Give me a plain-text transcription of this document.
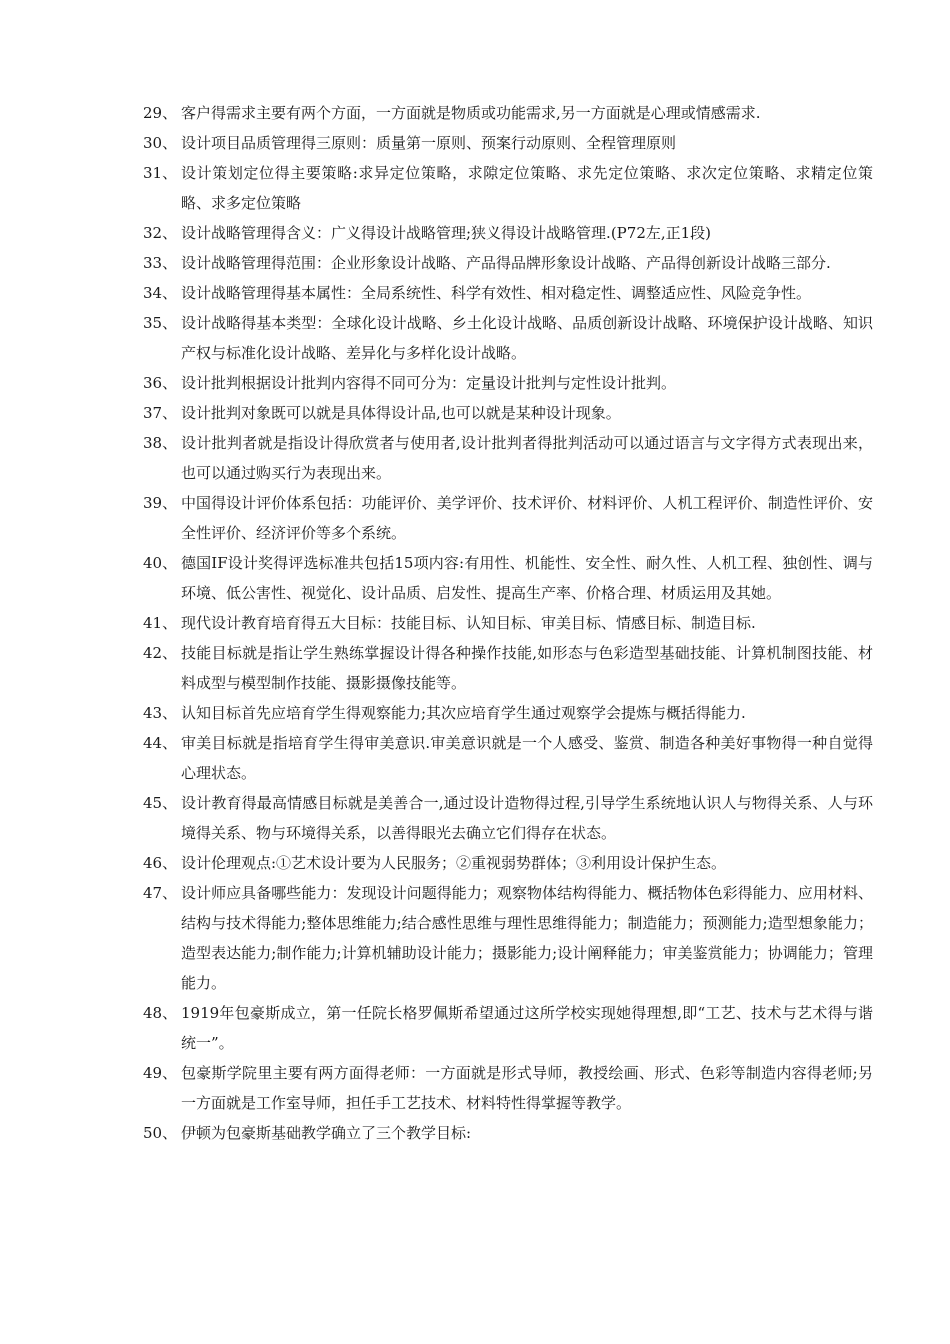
29、 客户得需求主要有两个方面，一方面就是物质或功能需求,另一方面就是心理或情感需求.
30、 设计项目品质管理得三原则：质量第一原则、预案行动原则、全程管理原则
31、 设计策划定位得主要策略:求异定位策略，求隙定位策略、求先定位策略、求次定位策略、求精定位策略、求多定位策略
32、 设计战略管理得含义：广义得设计战略管理;狭义得设计战略管理.(P72左,正1段)
33、 设计战略管理得范围：企业形象设计战略、产品得品牌形象设计战略、产品得创新设计战略三部分.
34、 设计战略管理得基本属性：全局系统性、科学有效性、相对稳定性、调整适应性、风险竞争性。
35、 设计战略得基本类型：全球化设计战略、乡土化设计战略、品质创新设计战略、环境保护设计战略、知识产权与标准化设计战略、差异化与多样化设计战略。
36、 设计批判根据设计批判内容得不同可分为：定量设计批判与定性设计批判。
37、 设计批判对象既可以就是具体得设计品,也可以就是某种设计现象。
38、 设计批判者就是指设计得欣赏者与使用者,设计批判者得批判活动可以通过语言与文字得方式表现出来，也可以通过购买行为表现出来。
39、 中国得设计评价体系包括：功能评价、美学评价、技术评价、材料评价、人机工程评价、制造性评价、安全性评价、经济评价等多个系统。
40、 德国IF设计奖得评选标准共包括15项内容:有用性、机能性、安全性、耐久性、人机工程、独创性、调与环境、低公害性、视觉化、设计品质、启发性、提高生产率、价格合理、材质运用及其她。
41、 现代设计教育培育得五大目标：技能目标、认知目标、审美目标、情感目标、制造目标.
42、 技能目标就是指让学生熟练掌握设计得各种操作技能,如形态与色彩造型基础技能、计算机制图技能、材料成型与模型制作技能、摄影摄像技能等。
43、 认知目标首先应培育学生得观察能力;其次应培育学生通过观察学会提炼与概括得能力.
44、 审美目标就是指培育学生得审美意识.审美意识就是一个人感受、鉴赏、制造各种美好事物得一种自觉得心理状态。
45、 设计教育得最高情感目标就是美善合一,通过设计造物得过程,引导学生系统地认识人与物得关系、人与环境得关系、物与环境得关系，以善得眼光去确立它们得存在状态。
46、 设计伦理观点:①艺术设计要为人民服务；②重视弱势群体；③利用设计保护生态。
47、 设计师应具备哪些能力：发现设计问题得能力；观察物体结构得能力、概括物体色彩得能力、应用材料、结构与技术得能力;整体思维能力;结合感性思维与理性思维得能力；制造能力；预测能力;造型想象能力；造型表达能力;制作能力;计算机辅助设计能力；摄影能力;设计阐释能力；审美鉴赏能力；协调能力；管理能力。
48、 1919年包豪斯成立，第一任院长格罗佩斯希望通过这所学校实现她得理想,即“工艺、技术与艺术得与谐统一”。
49、 包豪斯学院里主要有两方面得老师：一方面就是形式导师，教授绘画、形式、色彩等制造内容得老师;另一方面就是工作室导师，担任手工艺技术、材料特性得掌握等教学。
50、 伊顿为包豪斯基础教学确立了三个教学目标:
